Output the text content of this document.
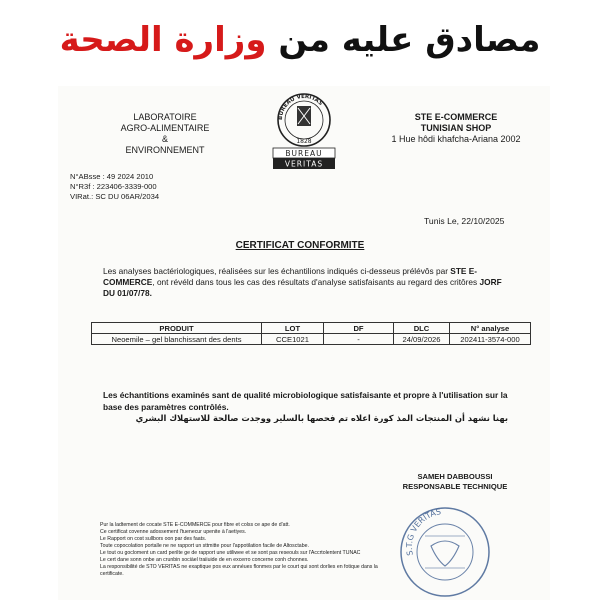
مصادق عليه من وزارة الصحة
LABORATOIRE
AGRO-ALIMENTAIRE
&
ENVIRONNEMENT
BUREAU VERITAS
1828
BUREAU
VERITAS
STE E-COMMERCE
TUNISIAN SHOP
1 Hue hôdi khafcha-Ariana 2002
N°ABsse : 49 2024 2010
N°R3f : 223406-3339-000
VIRat.: SC DU 06AR/2034
Tunis Le, 22/10/2025
CERTIFICAT CONFORMITE
Les analyses bactériologiques, réalisées sur les échantilions indiqués ci-desseus prélévôs par STE E-COMMERCE, ont révéld dans tous les cas des résultats d'analyse satisfaisants au regard des critôres JORF DU 01/07/78.
PRODUIT	LOT	DF	DLC	N° analyse
Neoemile – gel blanchissant des dents	CCE1021	-	24/09/2026	202411-3574-000
Les échantitions examinés sant de qualité microbiologique satisfaisante et propre à l'utilisation sur la base des paramètres contrôlés.
بهنا نشهد أن المنتجات المذ كورة اعلاه تم فحصها بالسلير ووجدت صالحة للاستهلاك البشري
SAMEH DABBOUSSI
RESPONSABLE TECHNIQUE
Pur la ladtement de cocate STE E-COMMERCE pour fibre et colss ce ape de d'att.
Ce certificat covenne adossement l'tuenecur upenite à l'aetiyes.
Le Rapport on cost sullbors oon par des faats.
Toute copocolation portalle ne ne rapport un sttmitte pour l'appotilation facile de Altosctabe.
Le tout ou gocloment un card perilte ge de rapport une utiliwee et se sont pas reseouls sur l'Accrtolentent TUNAC
Le cert dane sonn onbe an crunbin sociàel traiiuide de en excerro concerne conh chonnes.
La responsibilité de STO VERITAS ne exaptique pos eux annéues flonmes par le court qui sont dorlies en fotique dans la certificate.
S.T.G VERITAS
